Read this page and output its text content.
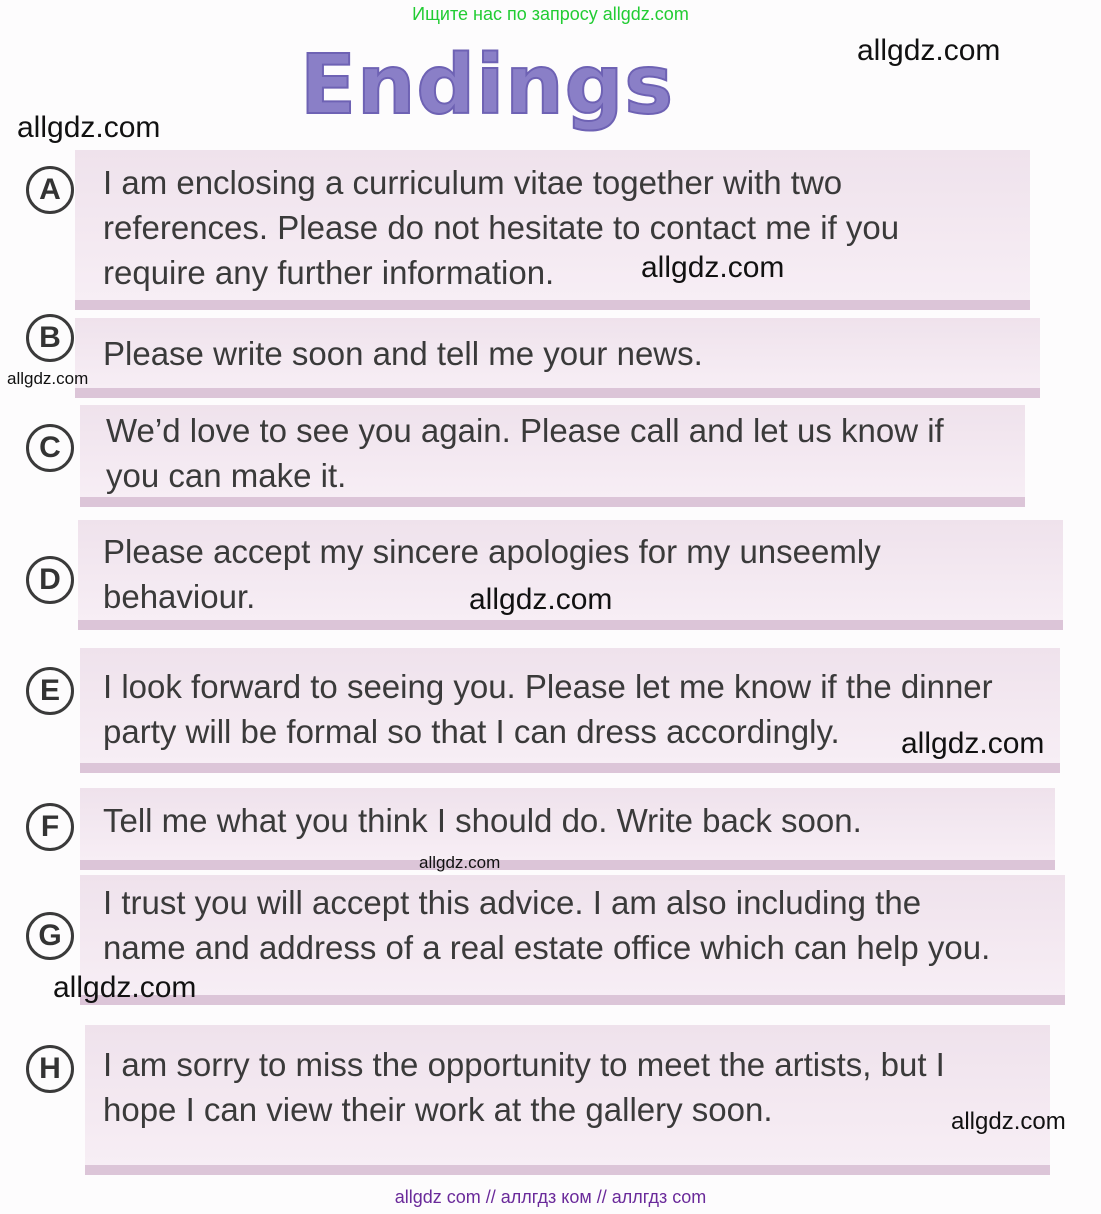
Ищите нас по запросу allgdz.com
Endings
A	I am enclosing a curriculum vitae together with two
references. Please do not hesitate to contact me if you
require any further information.
B	Please write soon and tell me your news.
C	We’d love to see you again. Please call and let us know if
you can make it.
D
Please accept my sincere apologies for my unseemly
behaviour.
E	I look forward to seeing you. Please let me know if the dinner
party will be formal so that I can dress accordingly.
F	Tell me what you think I should do. Write back soon.
G
I trust you will accept this advice. I am also including the
name and address of a real estate office which can help you.
H	I am sorry to miss the opportunity to meet the artists, but I
hope I can view their work at the gallery soon.
allgdz.com
allgdz.com
allgdz.com
allgdz.com
allgdz.com
allgdz.com
allgdz.com
allgdz.com
allgdz.com
allgdz com // аллгдз ком // аллгдз com
